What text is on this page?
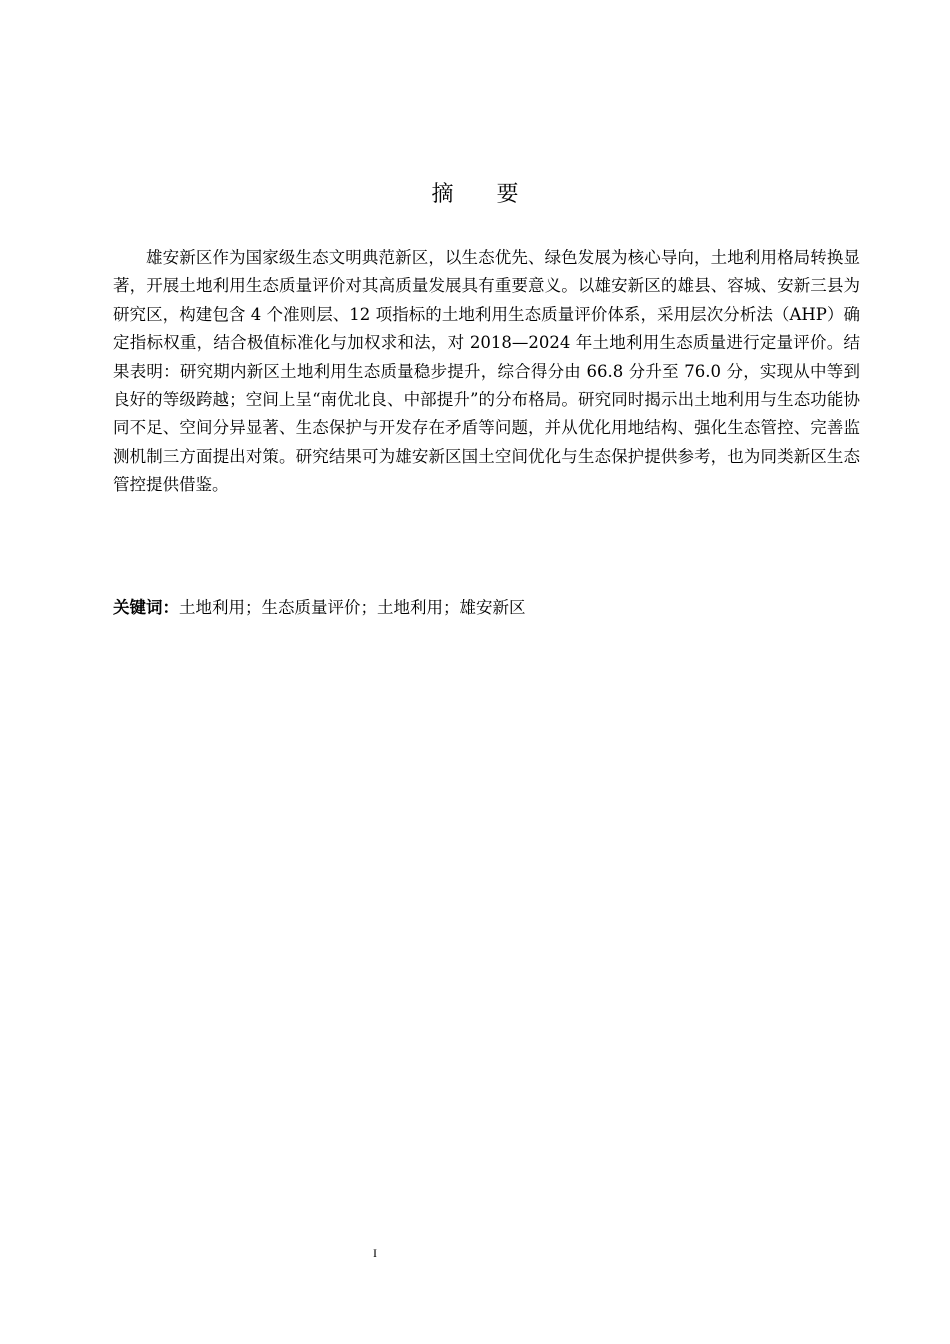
摘 要

雄安新区作为国家级生态文明典范新区，以生态优先、绿色发展为核心导向，土地利用格局转换显著，开展土地利用生态质量评价对其高质量发展具有重要意义。以雄安新区的雄县、容城、安新三县为研究区，构建包含 4 个准则层、12 项指标的土地利用生态质量评价体系，采用层次分析法（AHP）确定指标权重，结合极值标准化与加权求和法，对 2018—2024 年土地利用生态质量进行定量评价。结果表明：研究期内新区土地利用生态质量稳步提升，综合得分由 66.8 分升至 76.0 分，实现从中等到良好的等级跨越；空间上呈“南优北良、中部提升”的分布格局。研究同时揭示出土地利用与生态功能协同不足、空间分异显著、生态保护与开发存在矛盾等问题，并从优化用地结构、强化生态管控、完善监测机制三方面提出对策。研究结果可为雄安新区国土空间优化与生态保护提供参考，也为同类新区生态管控提供借鉴。

关键词：土地利用；生态质量评价；土地利用；雄安新区

I
